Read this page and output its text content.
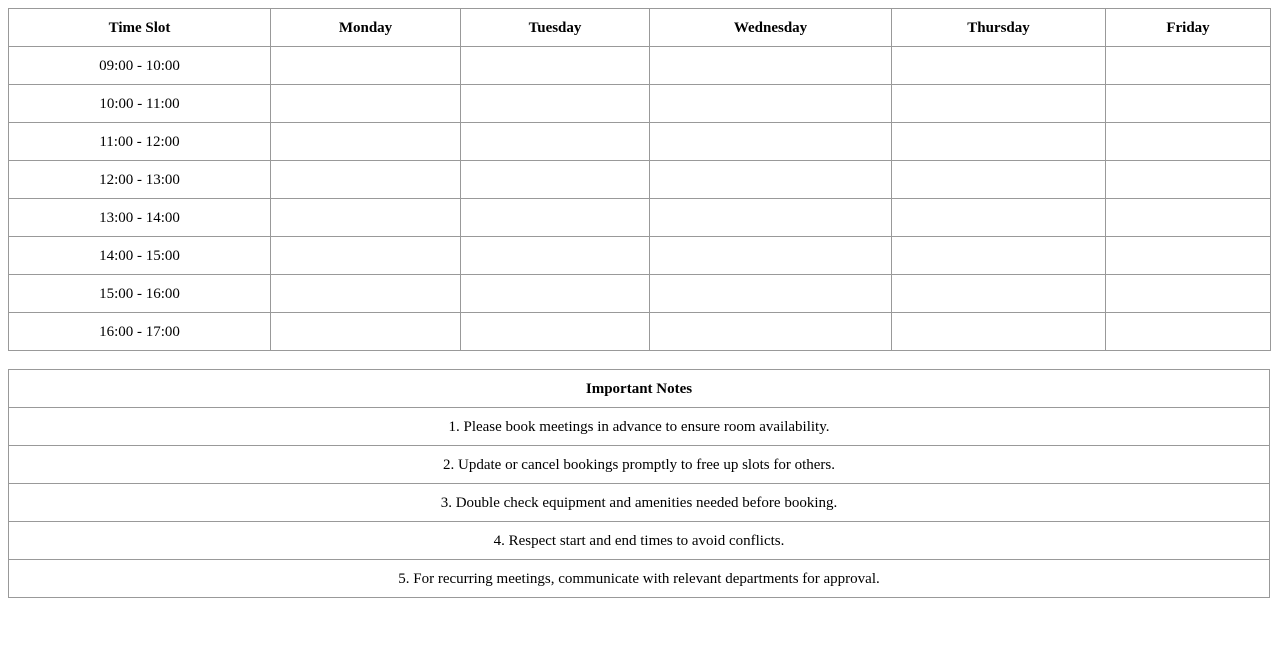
Time Slot	Monday	Tuesday	Wednesday	Thursday	Friday
09:00 - 10:00					
10:00 - 11:00					
11:00 - 12:00					
12:00 - 13:00					
13:00 - 14:00					
14:00 - 15:00					
15:00 - 16:00					
16:00 - 17:00					
Important Notes
1. Please book meetings in advance to ensure room availability.
2. Update or cancel bookings promptly to free up slots for others.
3. Double check equipment and amenities needed before booking.
4. Respect start and end times to avoid conflicts.
5. For recurring meetings, communicate with relevant departments for approval.
